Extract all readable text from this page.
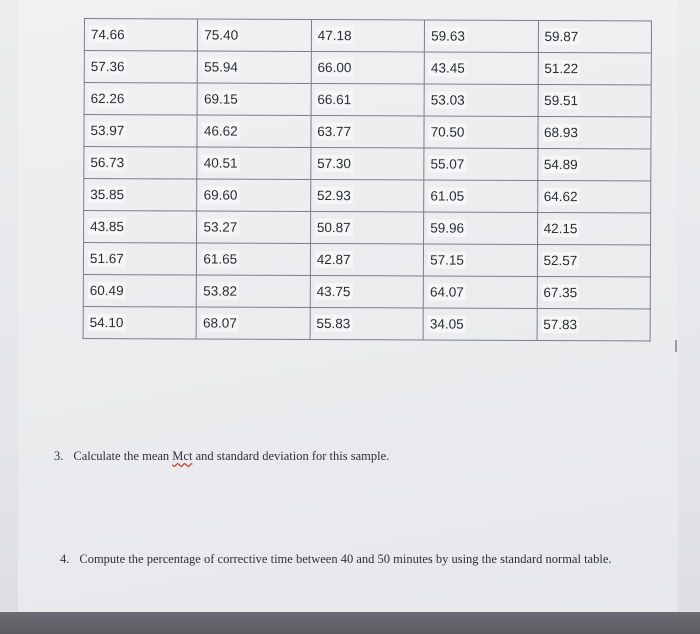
74.66	75.40	47.18	59.63	59.87
57.36	55.94	66.00	43.45	51.22
62.26	69.15	66.61	53.03	59.51
53.97	46.62	63.77	70.50	68.93
56.73	40.51	57.30	55.07	54.89
35.85	69.60	52.93	61.05	64.62
43.85	53.27	50.87	59.96	42.15
51.67	61.65	42.87	57.15	52.57
60.49	53.82	43.75	64.07	67.35
54.10	68.07	55.83	34.05	57.83
3. Calculate the mean Mct and standard deviation for this sample.
4. Compute the percentage of corrective time between 40 and 50 minutes by using the standard normal table.
